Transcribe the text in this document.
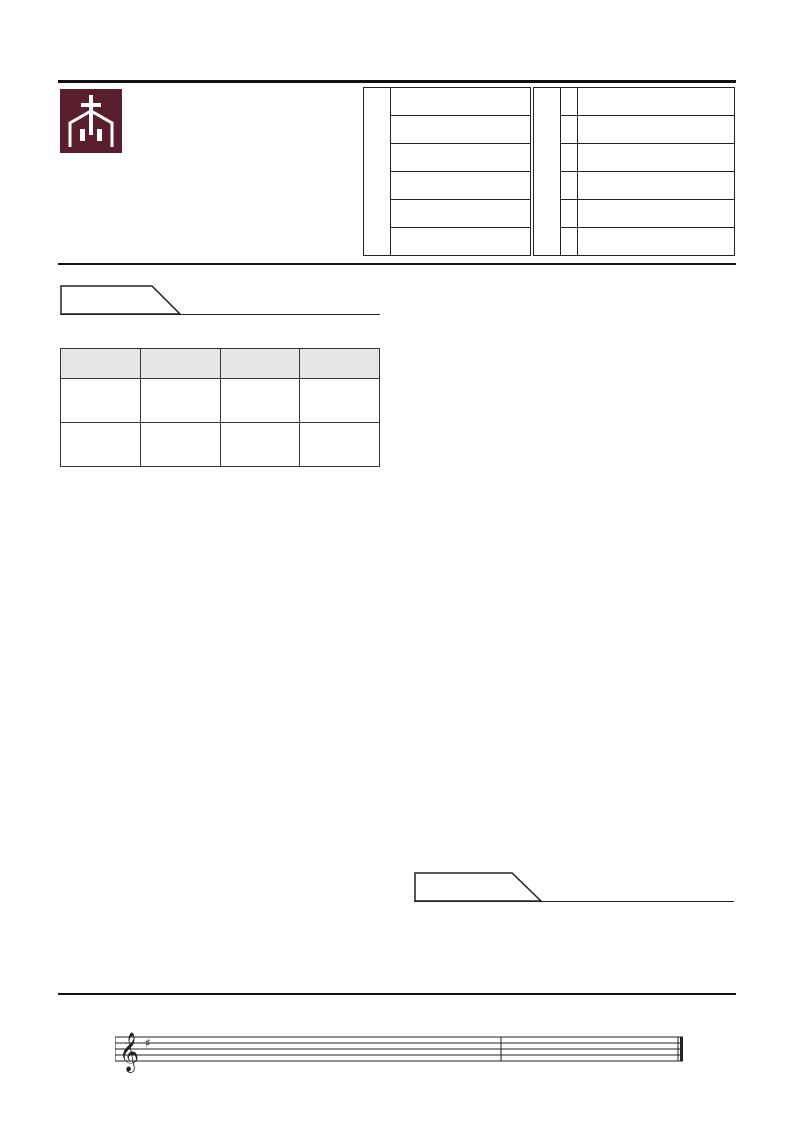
𝄞 ♯
